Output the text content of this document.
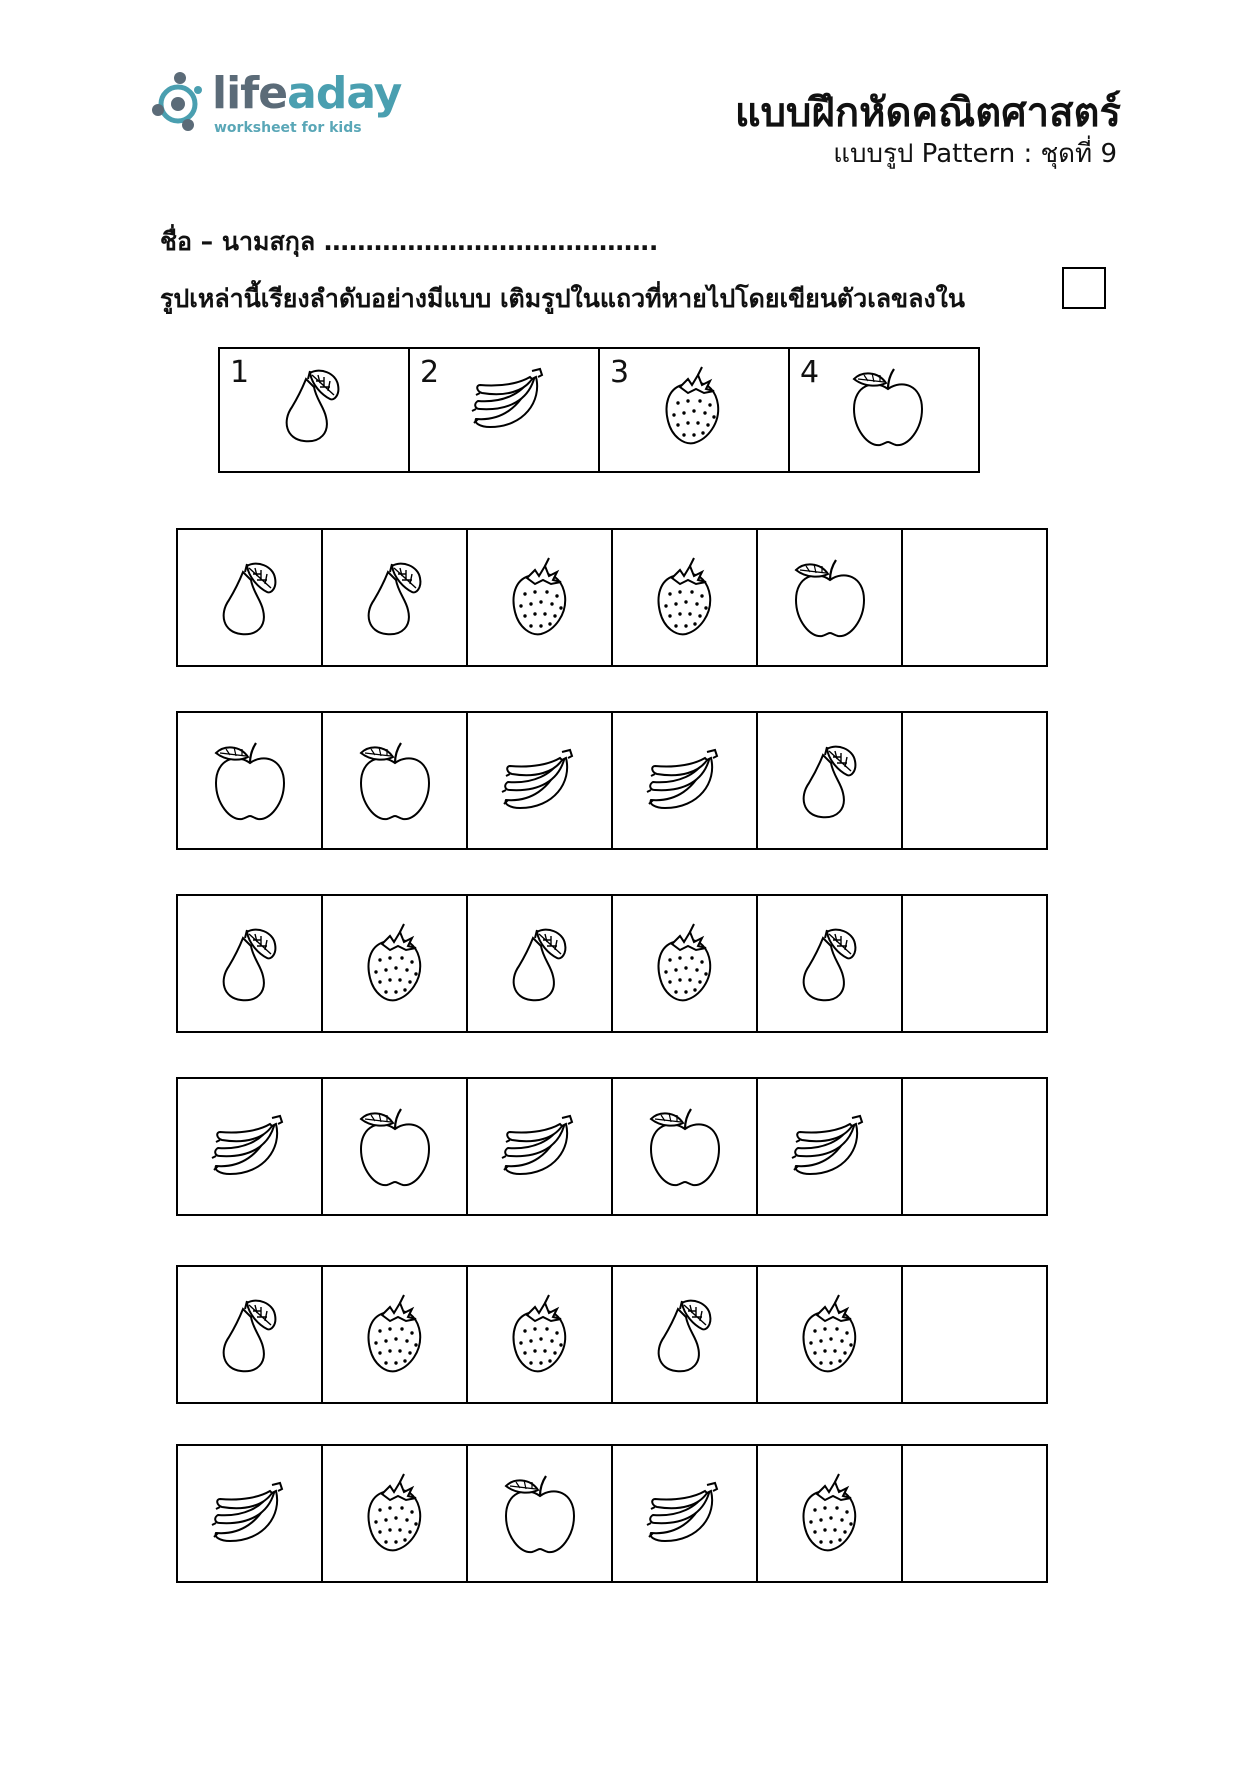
lifeaday
worksheet for kids	แบบฝึกหัดคณิตศาสตร์
แบบรูป Pattern : ชุดที่ 9
ชื่อ – นามสกุล ………………………………….
รูปเหล่านี้เรียงลำดับอย่างมีแบบ เติมรูปในแถวที่หายไปโดยเขียนตัวเลขลงใน
1	2	3	4
